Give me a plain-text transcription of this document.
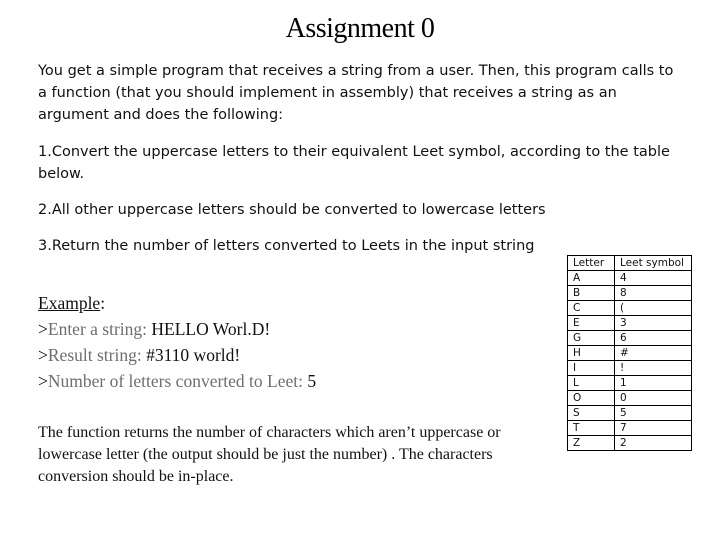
Assignment 0

You get a simple program that receives a string from a user. Then, this program calls to a function (that you should implement in assembly) that receives a string as an argument and does the following:

1.Convert the uppercase letters to their equivalent Leet symbol, according to the table below.

2.All other uppercase letters should be converted to lowercase letters

3.Return the number of letters converted to Leets in the input string

Example:
>Enter a string: HELLO Worl.D!
>Result string: #3110 world!
>Number of letters converted to Leet: 5
The function returns the number of characters which aren’t uppercase or lowercase letter (the output should be just the number) . The characters conversion should be in-place.
Letter	Leet symbol
A	4
B	8
C	(
E	3
G	6
H	#
I	!
L	1
O	0
S	5
T	7
Z	2
